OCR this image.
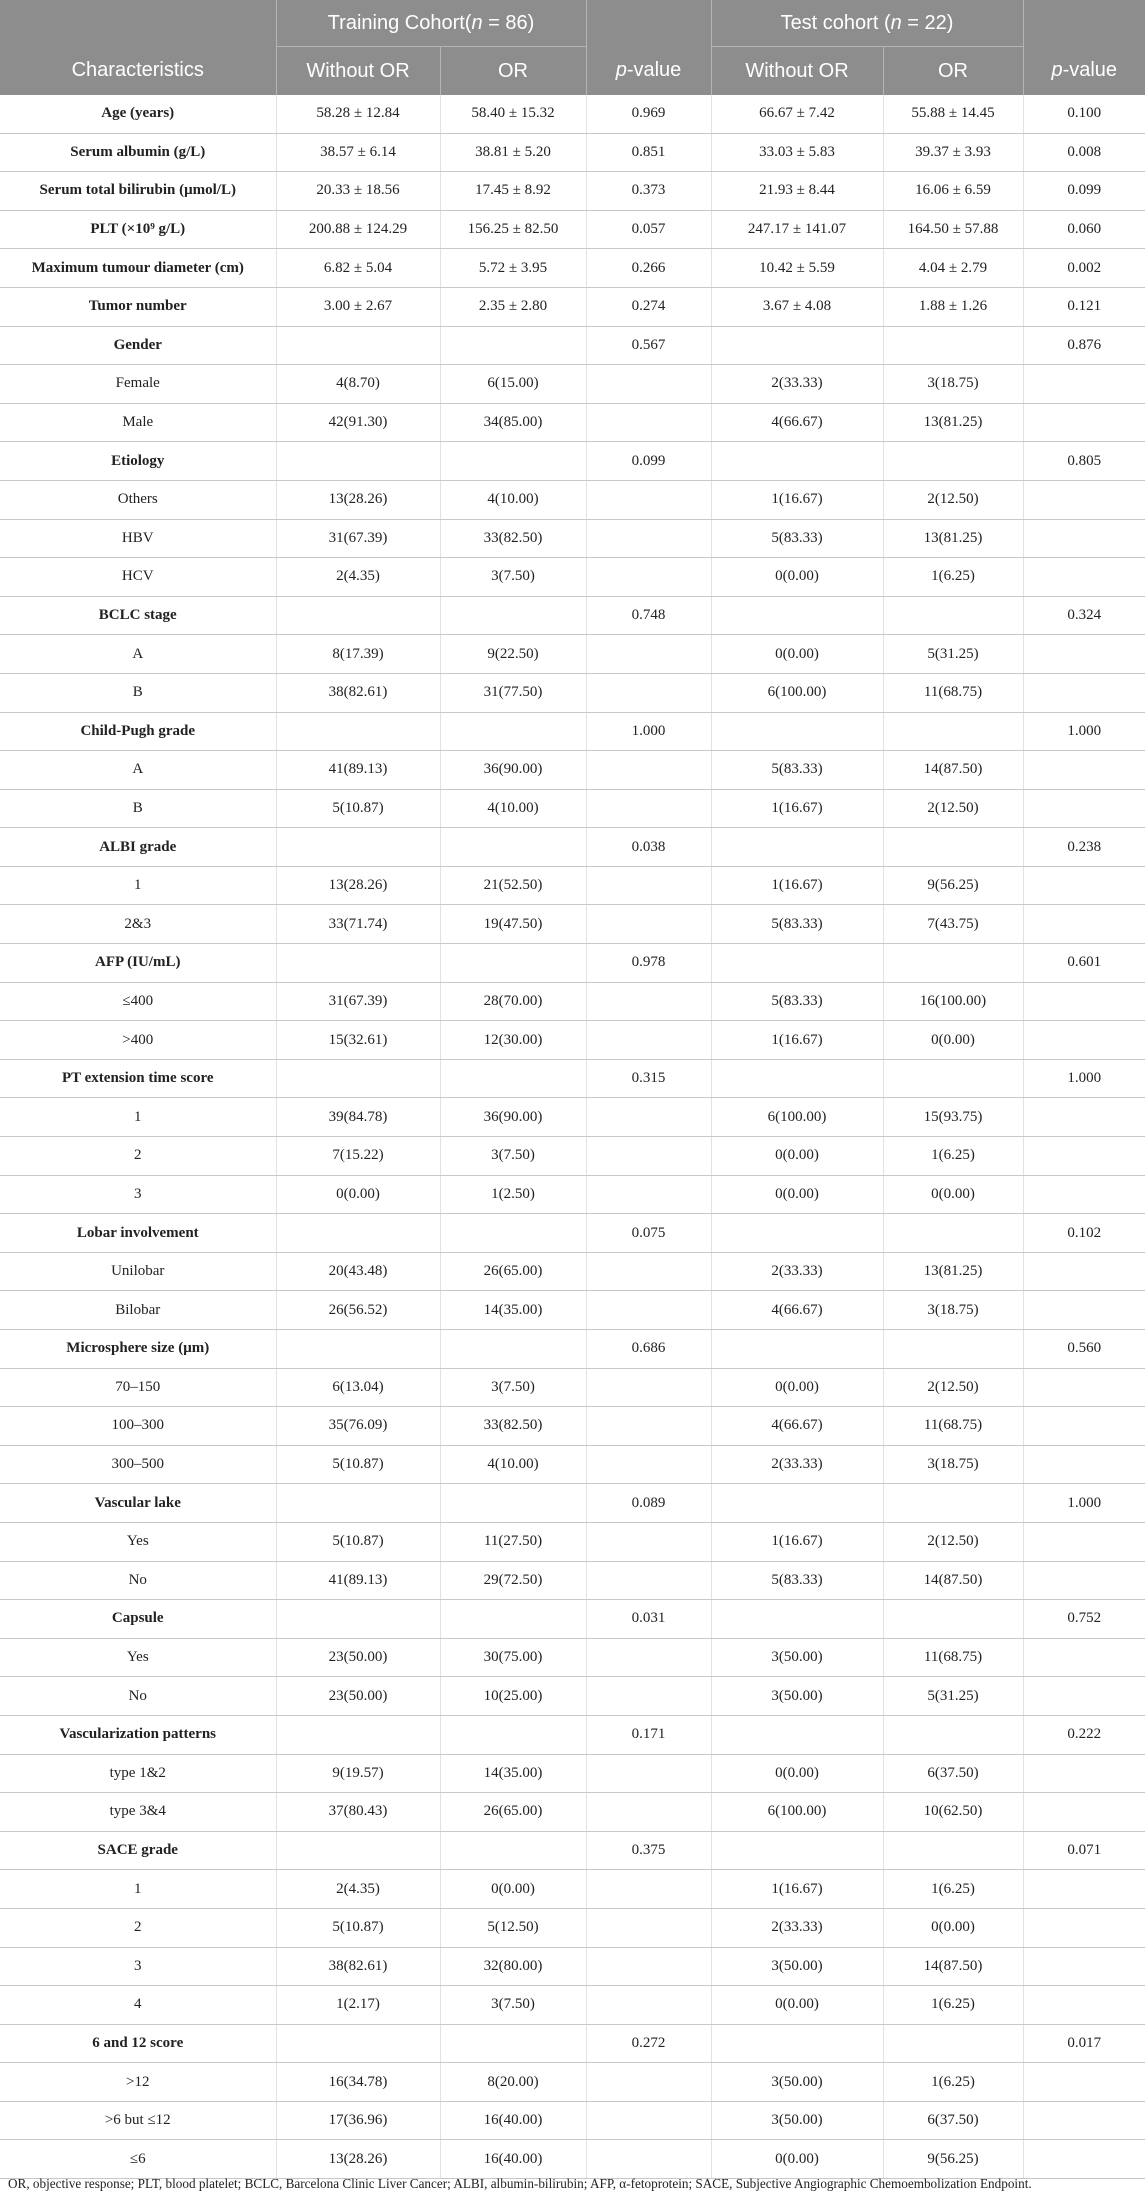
	Training Cohort(n = 86)			Test cohort (n = 22)		
Characteristics	Without OR	OR	p-value	Without OR	OR	p-value
Age (years)	58.28 ± 12.84	58.40 ± 15.32	0.969	66.67 ± 7.42	55.88 ± 14.45	0.100
Serum albumin (g/L)	38.57 ± 6.14	38.81 ± 5.20	0.851	33.03 ± 5.83	39.37 ± 3.93	0.008
Serum total bilirubin (μmol/L)	20.33 ± 18.56	17.45 ± 8.92	0.373	21.93 ± 8.44	16.06 ± 6.59	0.099
PLT (×10⁹ g/L)	200.88 ± 124.29	156.25 ± 82.50	0.057	247.17 ± 141.07	164.50 ± 57.88	0.060
Maximum tumour diameter (cm)	6.82 ± 5.04	5.72 ± 3.95	0.266	10.42 ± 5.59	4.04 ± 2.79	0.002
Tumor number	3.00 ± 2.67	2.35 ± 2.80	0.274	3.67 ± 4.08	1.88 ± 1.26	0.121
Gender			0.567			0.876
Female	4(8.70)	6(15.00)		2(33.33)	3(18.75)	
Male	42(91.30)	34(85.00)		4(66.67)	13(81.25)	
Etiology			0.099			0.805
Others	13(28.26)	4(10.00)		1(16.67)	2(12.50)	
HBV	31(67.39)	33(82.50)		5(83.33)	13(81.25)	
HCV	2(4.35)	3(7.50)		0(0.00)	1(6.25)	
BCLC stage			0.748			0.324
A	8(17.39)	9(22.50)		0(0.00)	5(31.25)	
B	38(82.61)	31(77.50)		6(100.00)	11(68.75)	
Child-Pugh grade			1.000			1.000
A	41(89.13)	36(90.00)		5(83.33)	14(87.50)	
B	5(10.87)	4(10.00)		1(16.67)	2(12.50)	
ALBI grade			0.038			0.238
1	13(28.26)	21(52.50)		1(16.67)	9(56.25)	
2&3	33(71.74)	19(47.50)		5(83.33)	7(43.75)	
AFP (IU/mL)			0.978			0.601
≤400	31(67.39)	28(70.00)		5(83.33)	16(100.00)	
>400	15(32.61)	12(30.00)		1(16.67)	0(0.00)	
PT extension time score			0.315			1.000
1	39(84.78)	36(90.00)		6(100.00)	15(93.75)	
2	7(15.22)	3(7.50)		0(0.00)	1(6.25)	
3	0(0.00)	1(2.50)		0(0.00)	0(0.00)	
Lobar involvement			0.075			0.102
Unilobar	20(43.48)	26(65.00)		2(33.33)	13(81.25)	
Bilobar	26(56.52)	14(35.00)		4(66.67)	3(18.75)	
Microsphere size (μm)			0.686			0.560
70–150	6(13.04)	3(7.50)		0(0.00)	2(12.50)	
100–300	35(76.09)	33(82.50)		4(66.67)	11(68.75)	
300–500	5(10.87)	4(10.00)		2(33.33)	3(18.75)	
Vascular lake			0.089			1.000
Yes	5(10.87)	11(27.50)		1(16.67)	2(12.50)	
No	41(89.13)	29(72.50)		5(83.33)	14(87.50)	
Capsule			0.031			0.752
Yes	23(50.00)	30(75.00)		3(50.00)	11(68.75)	
No	23(50.00)	10(25.00)		3(50.00)	5(31.25)	
Vascularization patterns			0.171			0.222
type 1&2	9(19.57)	14(35.00)		0(0.00)	6(37.50)	
type 3&4	37(80.43)	26(65.00)		6(100.00)	10(62.50)	
SACE grade			0.375			0.071
1	2(4.35)	0(0.00)		1(16.67)	1(6.25)	
2	5(10.87)	5(12.50)		2(33.33)	0(0.00)	
3	38(82.61)	32(80.00)		3(50.00)	14(87.50)	
4	1(2.17)	3(7.50)		0(0.00)	1(6.25)	
6 and 12 score			0.272			0.017
>12	16(34.78)	8(20.00)		3(50.00)	1(6.25)	
>6 but ≤12	17(36.96)	16(40.00)		3(50.00)	6(37.50)	
≤6	13(28.26)	16(40.00)		0(0.00)	9(56.25)	
OR, objective response; PLT, blood platelet; BCLC, Barcelona Clinic Liver Cancer; ALBI, albumin-bilirubin; AFP, α-fetoprotein; SACE, Subjective Angiographic Chemoembolization Endpoint.
